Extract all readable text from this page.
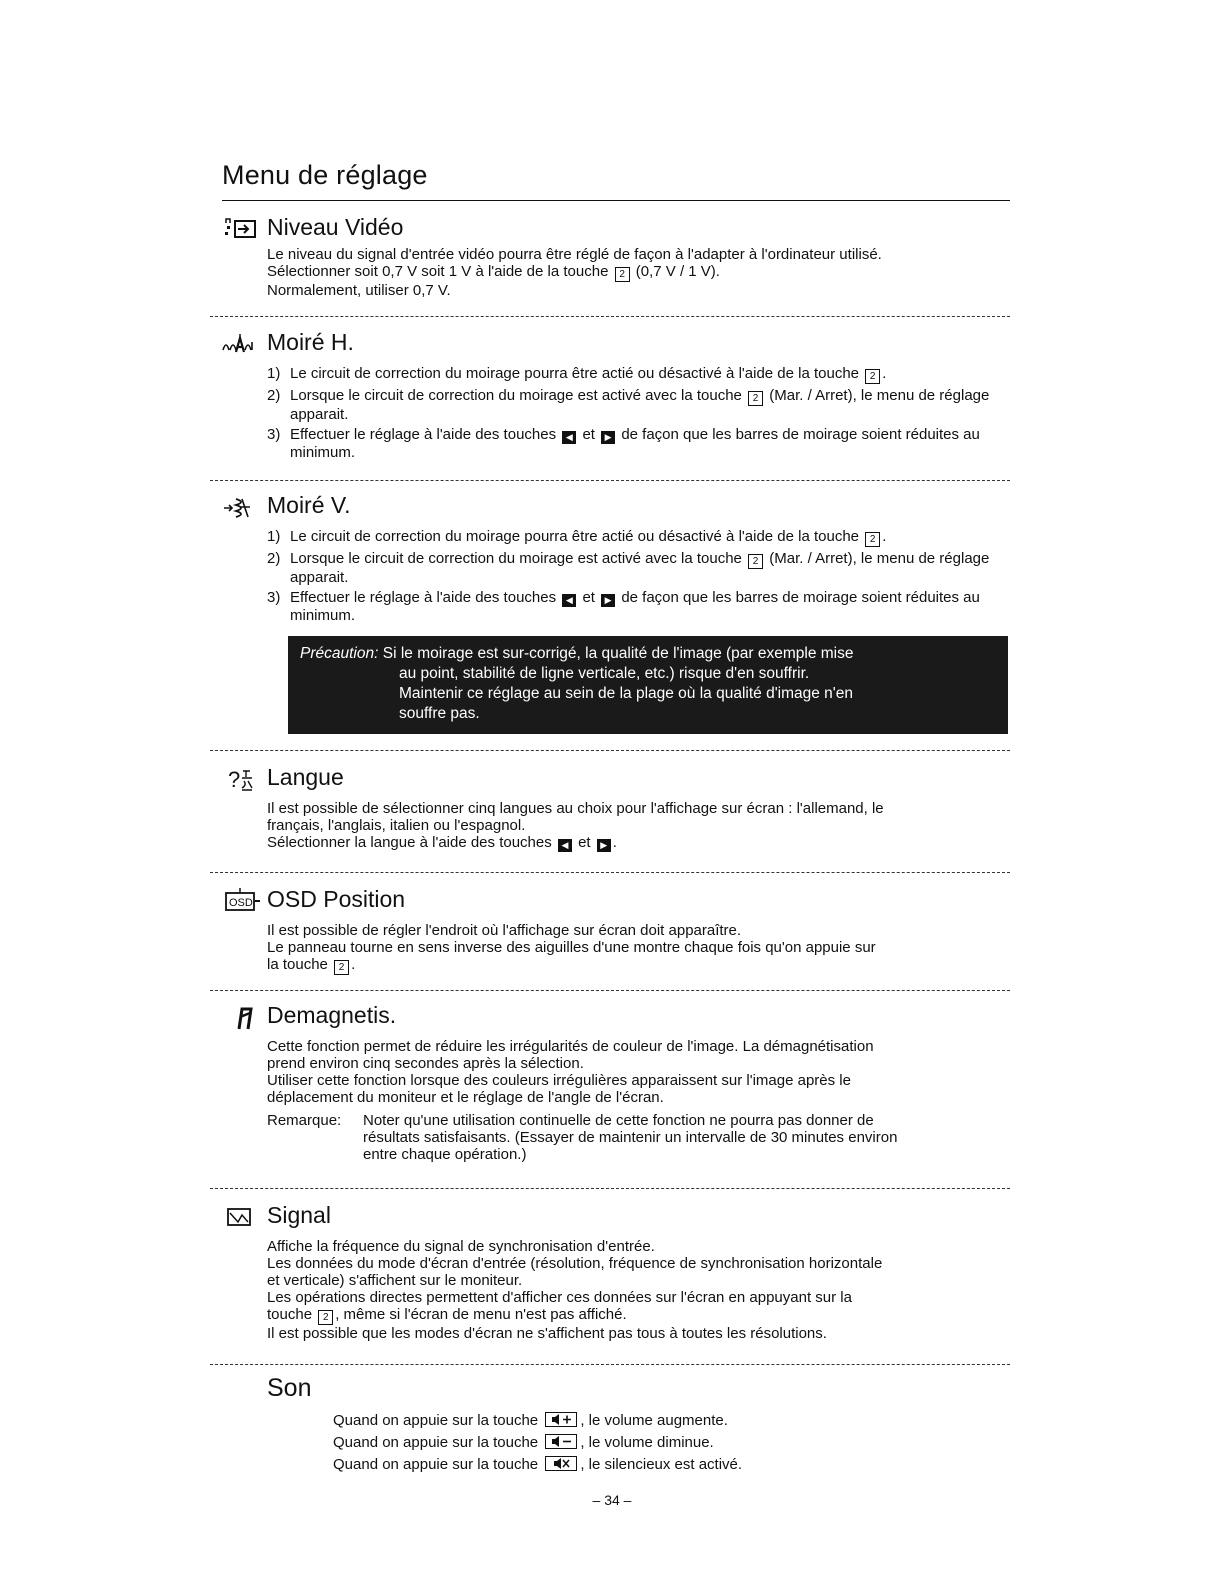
Menu de réglage
Niveau Vidéo

Le niveau du signal d'entrée vidéo pourra être réglé de façon à l'adapter à l'ordinateur utilisé.

Sélectionner soit 0,7 V soit 1 V à l'aide de la touche 2 (0,7 V / 1 V).

Normalement, utiliser 0,7 V.

Moiré H.
1) Le circuit de correction du moirage pourra être actié ou désactivé à l'aide de la touche 2 .
2) Lorsque le circuit de correction du moirage est activé avec la touche 2 (Mar. / Arret), le menu de réglage apparait.
3) Effectuer le réglage à l'aide des touches ◀ et ▶ de façon que les barres de moirage soient réduites au minimum.
Moiré V.
1) Le circuit de correction du moirage pourra être actié ou désactivé à l'aide de la touche 2 .
2) Lorsque le circuit de correction du moirage est activé avec la touche 2 (Mar. / Arret), le menu de réglage apparait.
3) Effectuer le réglage à l'aide des touches ◀ et ▶ de façon que les barres de moirage soient réduites au minimum.
Précaution: Si le moirage est sur-corrigé, la qualité de l'image (par exemple mise
au point, stabilité de ligne verticale, etc.) risque d'en souffrir.
Maintenir ce réglage au sein de la plage où la qualité d'image n'en
souffre pas.
? Langue

Il est possible de sélectionner cinq langues au choix pour l'affichage sur écran : l'allemand, le

français, l'anglais, italien ou l'espagnol.

Sélectionner la langue à l'aide des touches ◀ et ▶ .

OSD OSD Position

Il est possible de régler l'endroit où l'affichage sur écran doit apparaître.

Le panneau tourne en sens inverse des aiguilles d'une montre chaque fois qu'on appuie sur

la touche 2 .

Demagnetis.

Cette fonction permet de réduire les irrégularités de couleur de l'image. La démagnétisation

prend environ cinq secondes après la sélection.

Utiliser cette fonction lorsque des couleurs irrégulières apparaissent sur l'image après le

déplacement du moniteur et le réglage de l'angle de l'écran.

Remarque:	Noter qu'une utilisation continuelle de cette fonction ne pourra pas donner de

résultats satisfaisants. (Essayer de maintenir un intervalle de 30 minutes environ

entre chaque opération.)

Signal

Affiche la fréquence du signal de synchronisation d'entrée.

Les données du mode d'écran d'entrée (résolution, fréquence de synchronisation horizontale

et verticale) s'affichent sur le moniteur.

Les opérations directes permettent d'afficher ces données sur l'écran en appuyant sur la

touche 2 , même si l'écran de menu n'est pas affiché.

Il est possible que les modes d'écran ne s'affichent pas tous à toutes les résolutions.

Son
Quand on appuie sur la touche	, le volume augmente.
Quand on appuie sur la touche	, le volume diminue.
Quand on appuie sur la touche	, le silencieux est activé.
– 34 –
